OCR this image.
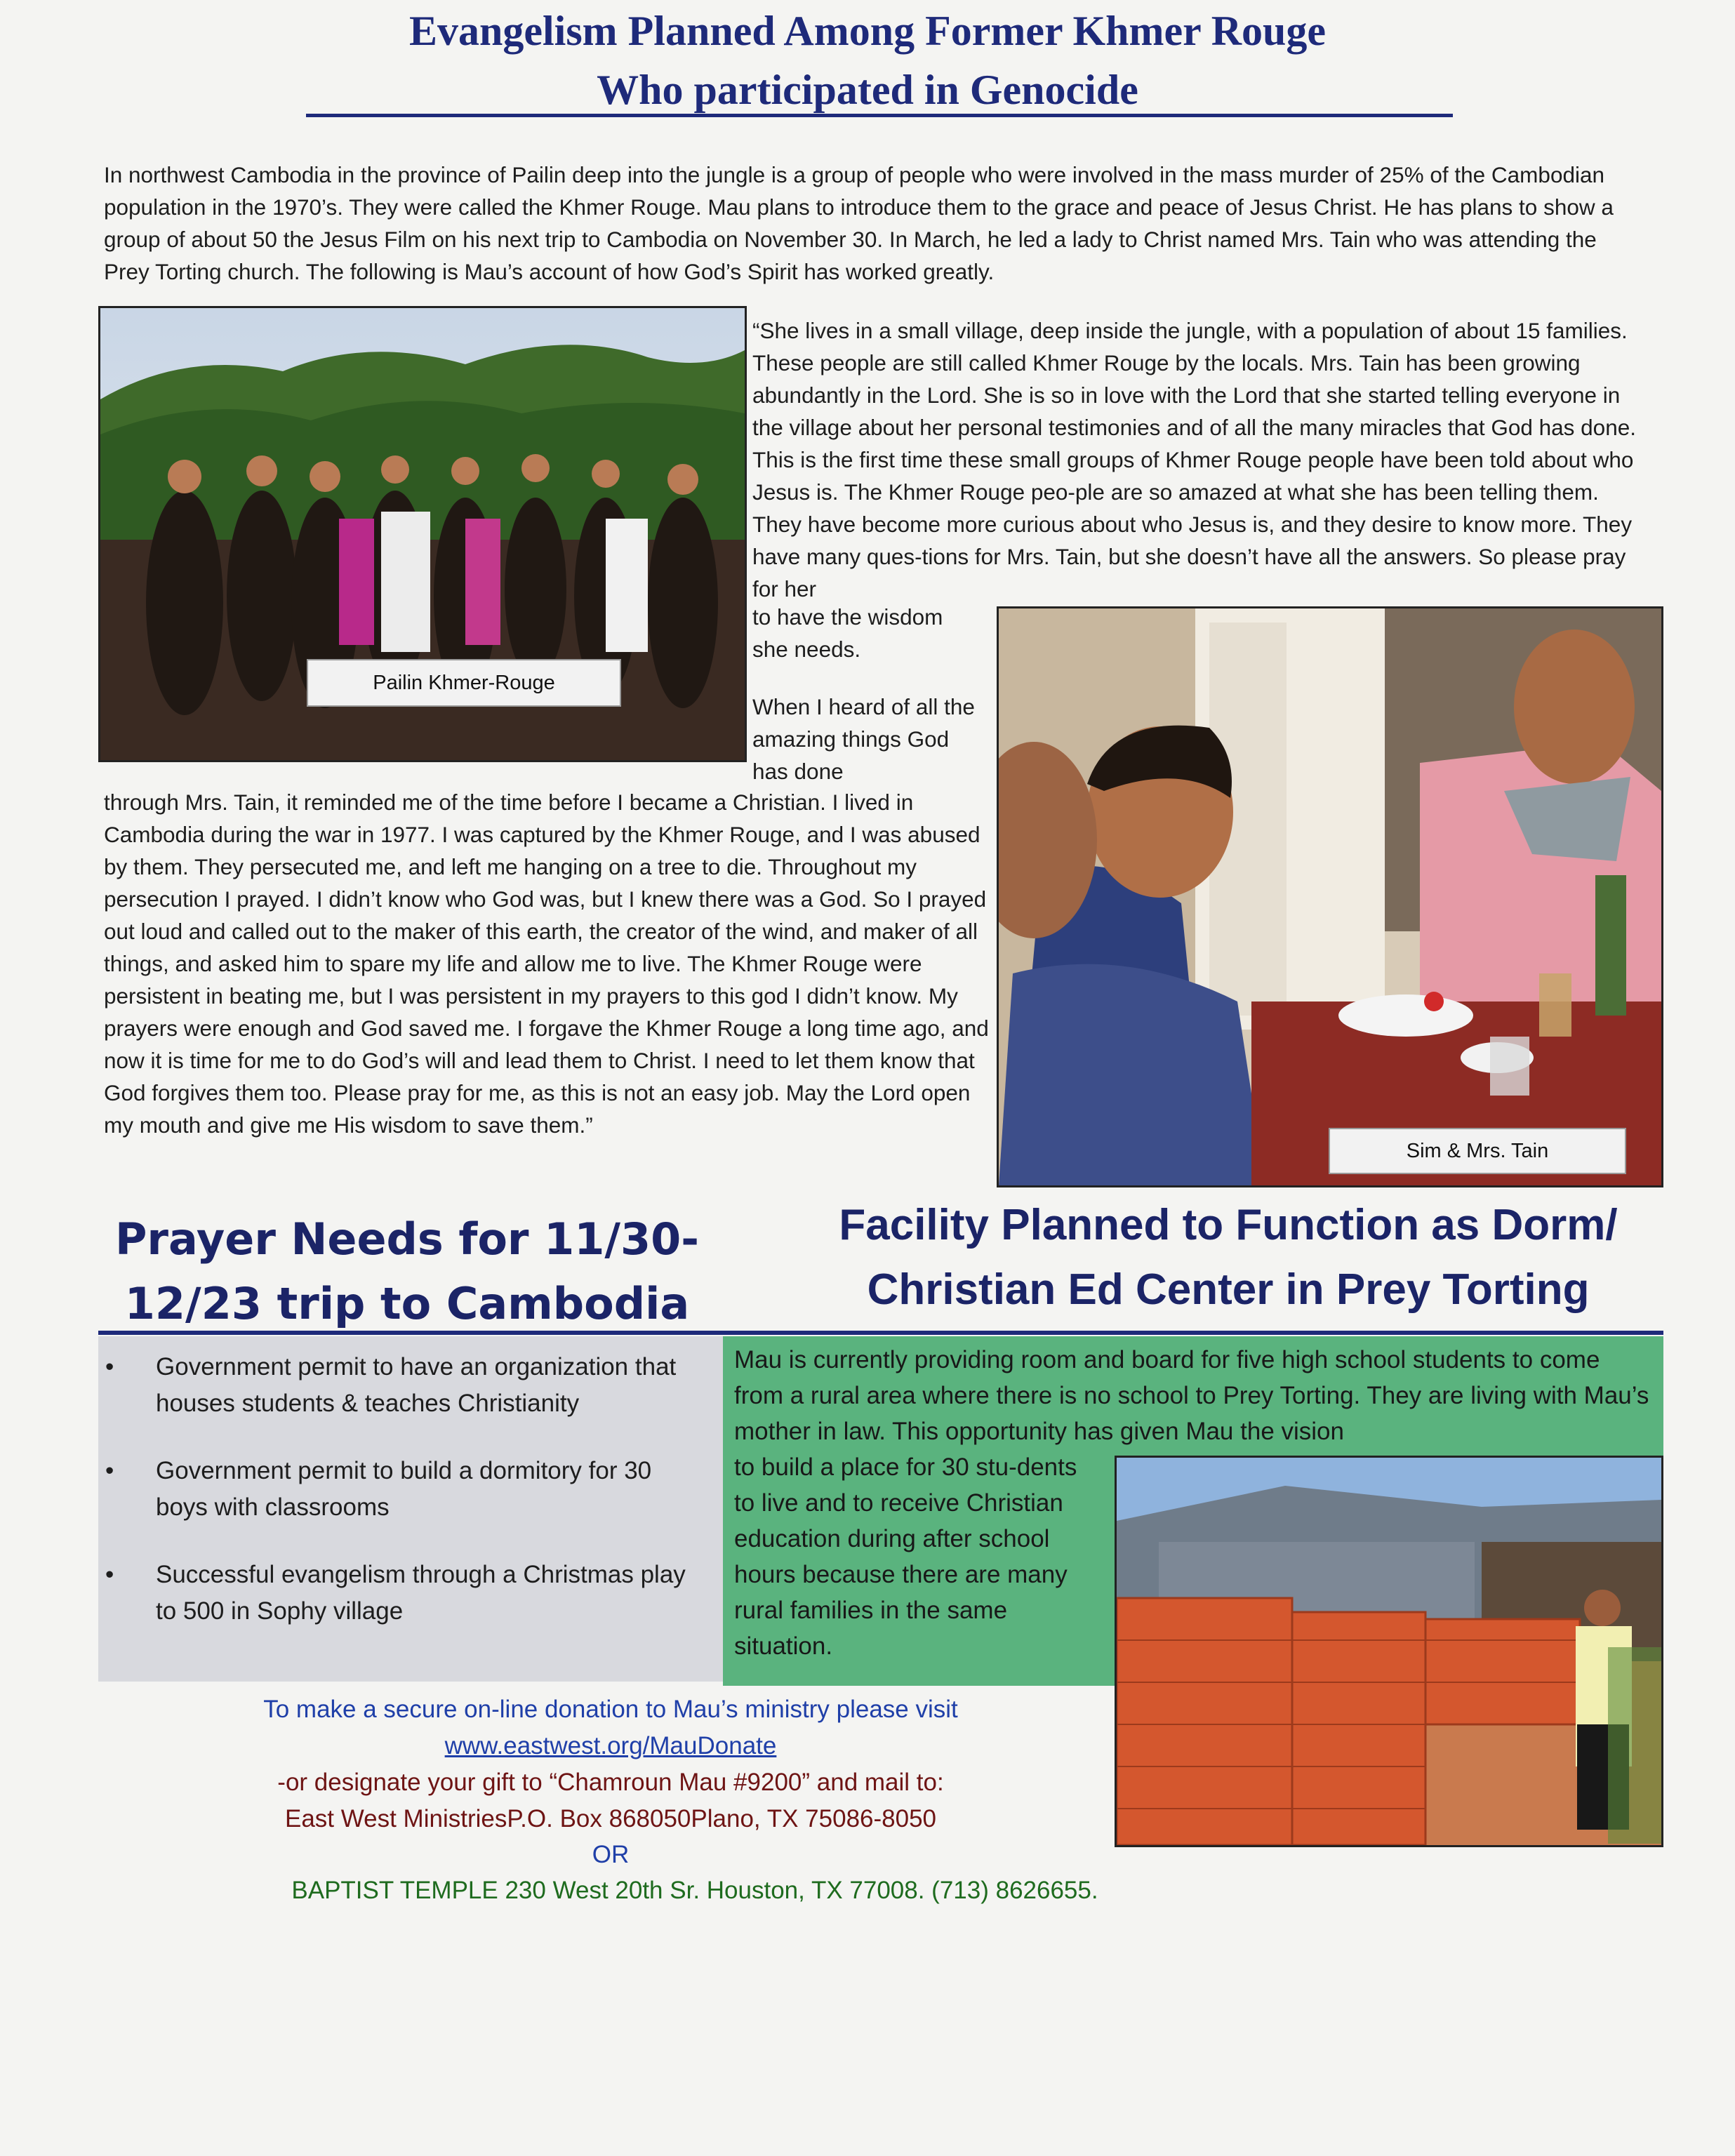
Evangelism Planned Among Former Khmer Rouge
Who participated in Genocide

In northwest Cambodia in the province of Pailin deep into the jungle is a group of people who were involved in the mass murder of 25% of the Cambodian population in the 1970’s. They were called the Khmer Rouge. Mau plans to introduce them to the grace and peace of Jesus Christ. He has plans to show a group of about 50 the Jesus Film on his next trip to Cambodia on November 30. In March, he led a lady to Christ named Mrs. Tain who was attending the Prey Torting church. The following is Mau’s account of how God’s Spirit has worked greatly.

Pailin Khmer-Rouge

“She lives in a small village, deep inside the jungle, with a population of about 15 families. These people are still called Khmer Rouge by the locals. Mrs. Tain has been growing abundantly in the Lord. She is so in love with the Lord that she started telling everyone in the village about her personal testimonies and of all the many miracles that God has done. This is the first time these small groups of Khmer Rouge people have been told about who Jesus is. The Khmer Rouge peo-ple are so amazed at what she has been telling them. They have become more curious about who Jesus is, and they desire to know more. They have many ques-tions for Mrs. Tain, but she doesn’t have all the answers. So please pray for her

to have the wisdom she needs.

When I heard of all the amazing things God has done

through Mrs. Tain, it reminded me of the time before I became a Christian. I lived in Cambodia during the war in 1977. I was captured by the Khmer Rouge, and I was abused by them. They persecuted me, and left me hanging on a tree to die. Throughout my persecution I prayed. I didn’t know who God was, but I knew there was a God. So I prayed out loud and called out to the maker of this earth, the creator of the wind, and maker of all things, and asked him to spare my life and allow me to live. The Khmer Rouge were persistent in beating me, but I was persistent in my prayers to this god I didn’t know. My prayers were enough and God saved me. I forgave the Khmer Rouge a long time ago, and now it is time for me to do God’s will and lead them to Christ. I need to let them know that God forgives them too. Please pray for me, as this is not an easy job. May the Lord open my mouth and give me His wisdom to save them.”

Sim & Mrs. Tain
Prayer Needs for 11/30-
12/23 trip to Cambodia
Facility Planned to Function as Dorm/
Christian Ed Center in Prey Torting
• Government permit to have an organization that houses students & teaches Christianity
• Government permit to build a dormitory for 30 boys with classrooms
• Successful evangelism through a Christmas play to 500 in Sophy village

Mau is currently providing room and board for five high school students to come from a rural area where there is no school to Prey Torting. They are living with Mau’s mother in law. This opportunity has given Mau the vision

to build a place for 30 stu-dents to live and to receive Christian education during after school hours because there are many rural families in the same situation.

To make a secure on-line donation to Mau’s ministry please visit

www.eastwest.org/MauDonate

-or designate your gift to “Chamroun Mau #9200” and mail to:

East West MinistriesP.O. Box 868050Plano, TX 75086-8050

OR

BAPTIST TEMPLE 230 West 20th Sr. Houston, TX 77008. (713) 8626655.
